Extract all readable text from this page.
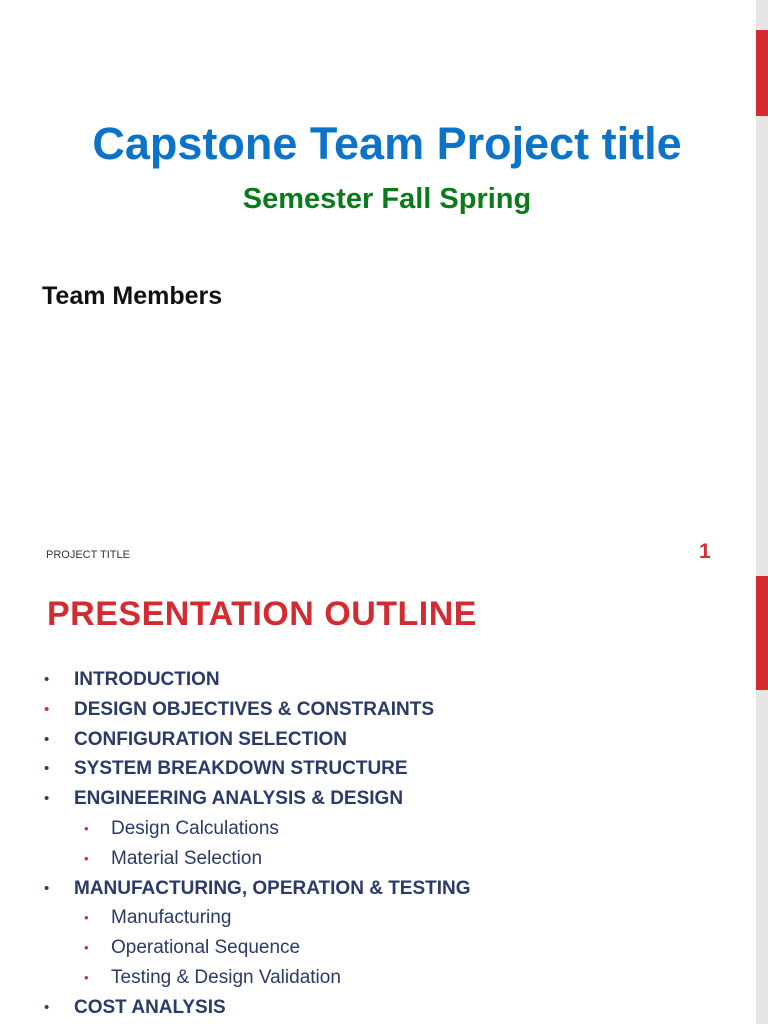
Capstone Team Project title
Semester Fall Spring
Team Members
PROJECT TITLE	1
PRESENTATION OUTLINE
• INTRODUCTION
• DESIGN OBJECTIVES & CONSTRAINTS
• CONFIGURATION SELECTION
• SYSTEM BREAKDOWN STRUCTURE
• ENGINEERING ANALYSIS & DESIGN
• Design Calculations
• Material Selection
• MANUFACTURING, OPERATION & TESTING
• Manufacturing
• Operational Sequence
• Testing & Design Validation
• COST ANALYSIS
